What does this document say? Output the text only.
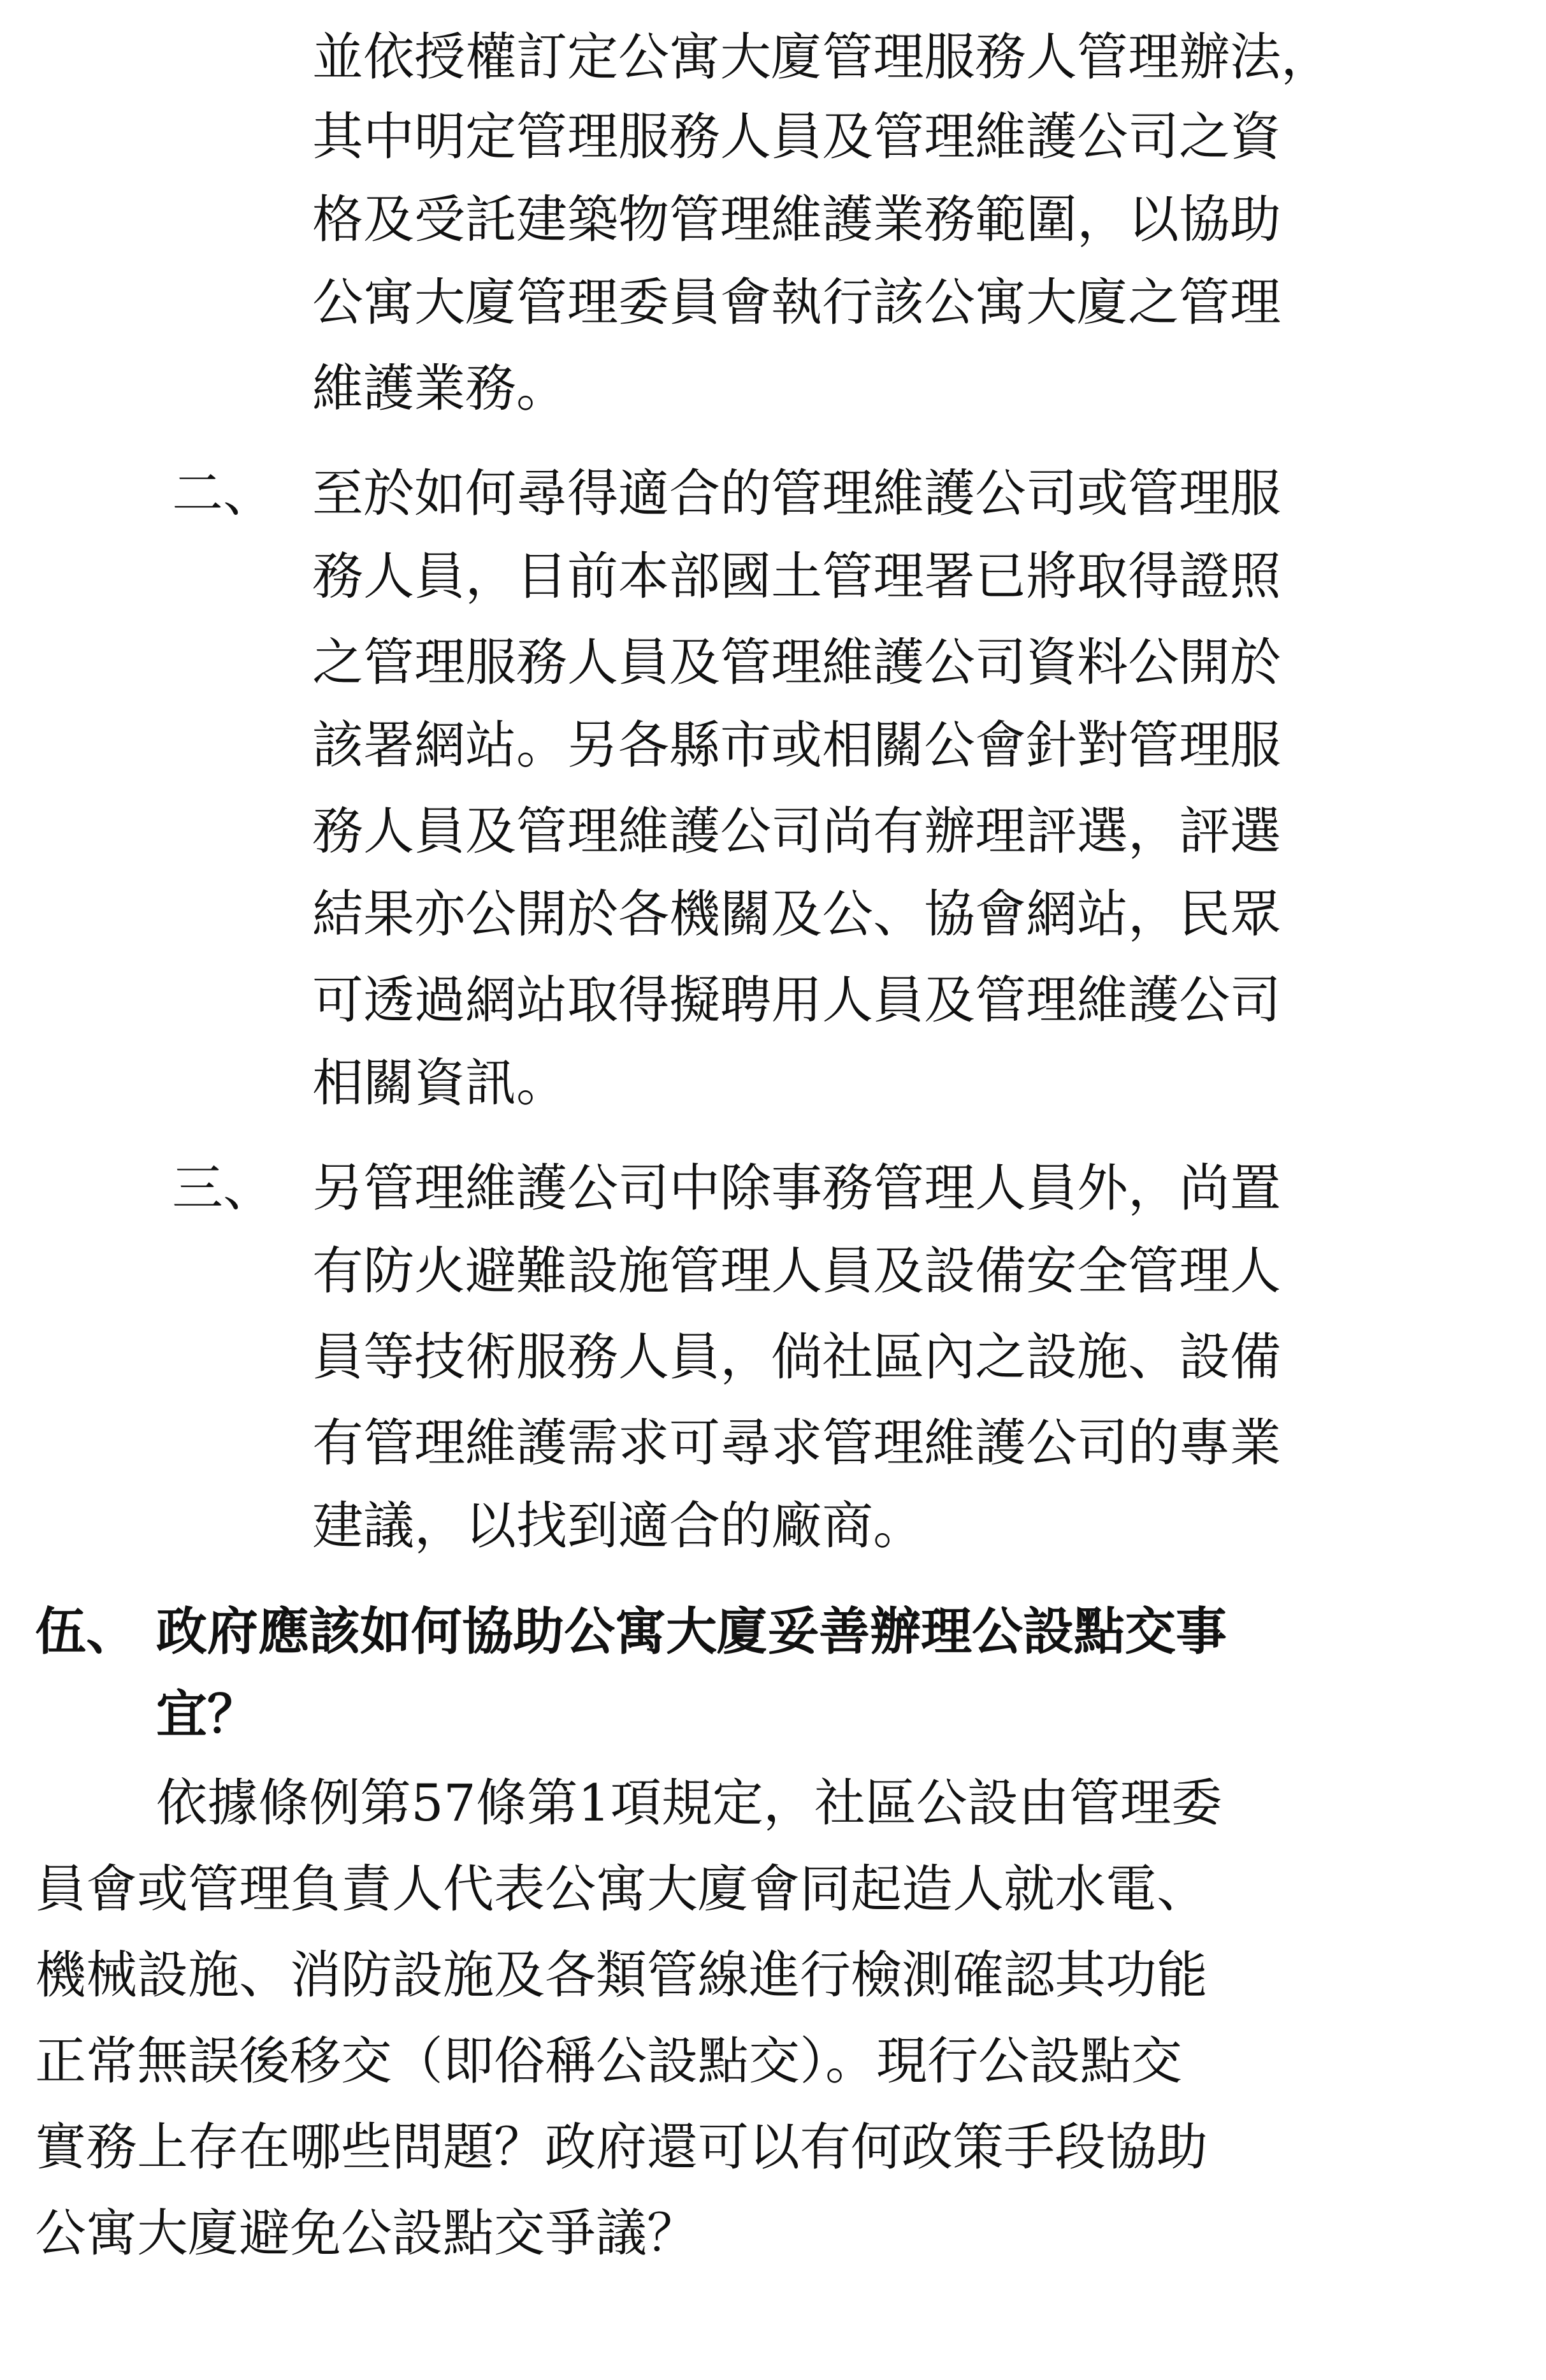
並依授權訂定公寓大廈管理服務人管理辦法，
其中明定管理服務人員及管理維護公司之資
格及受託建築物管理維護業務範圍，以協助
公寓大廈管理委員會執行該公寓大廈之管理
維護業務。
二、 至於如何尋得適合的管理維護公司或管理服
務人員，目前本部國土管理署已將取得證照
之管理服務人員及管理維護公司資料公開於
該署網站。另各縣市或相關公會針對管理服
務人員及管理維護公司尚有辦理評選，評選
結果亦公開於各機關及公、協會網站，民眾
可透過網站取得擬聘用人員及管理維護公司
相關資訊。
三、 另管理維護公司中除事務管理人員外，尚置
有防火避難設施管理人員及設備安全管理人
員等技術服務人員，倘社區內之設施、設備
有管理維護需求可尋求管理維護公司的專業
建議，以找到適合的廠商。
伍、 政府應該如何協助公寓大廈妥善辦理公設點交事
宜？
依據條例第57條第1項規定，社區公設由管理委
員會或管理負責人代表公寓大廈會同起造人就水電、
機械設施、消防設施及各類管線進行檢測確認其功能
正常無誤後移交（即俗稱公設點交）。現行公設點交
實務上存在哪些問題？政府還可以有何政策手段協助
公寓大廈避免公設點交爭議？
